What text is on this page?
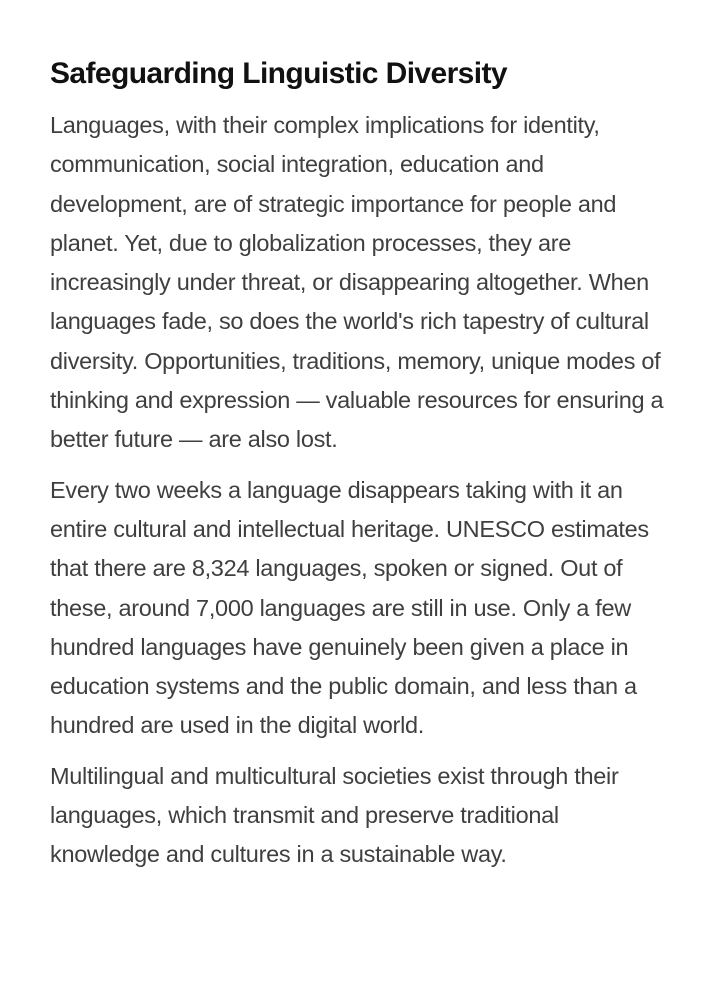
Safeguarding Linguistic Diversity

Languages, with their complex implications for identity, communication, social integration, education and development, are of strategic importance for people and planet. Yet, due to globalization processes, they are increasingly under threat, or disappearing altogether. When languages fade, so does the world's rich tapestry of cultural diversity. Opportunities, traditions, memory, unique modes of thinking and expression — valuable resources for ensuring a better future — are also lost.

Every two weeks a language disappears taking with it an entire cultural and intellectual heritage. UNESCO estimates that there are 8,324 languages, spoken or signed. Out of these, around 7,000 languages are still in use. Only a few hundred languages have genuinely been given a place in education systems and the public domain, and less than a hundred are used in the digital world.

Multilingual and multicultural societies exist through their languages, which transmit and preserve traditional knowledge and cultures in a sustainable way.
